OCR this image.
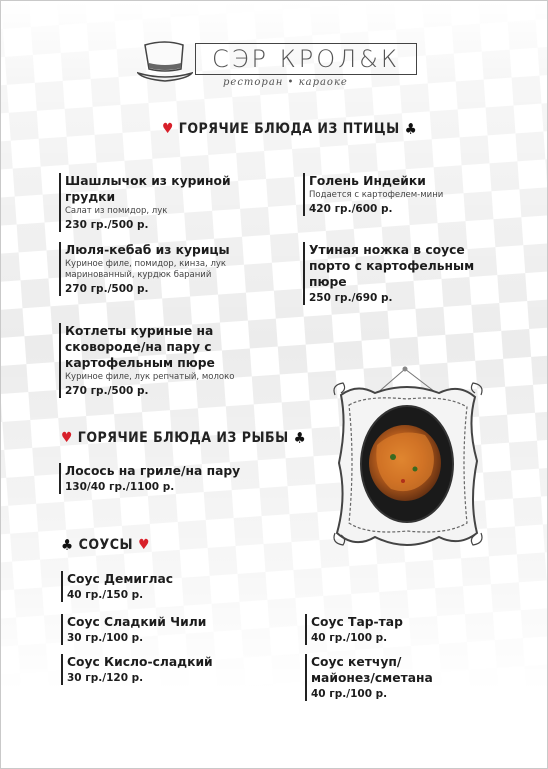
СЭР КРОЛ&К
ресторан • караоке
♥ ГОРЯЧИЕ БЛЮДА ИЗ ПТИЦЫ ♣
Шашлычок из куриной грудки
Салат из помидор, лук
230 гр./500 р.
Голень Индейки
Подается с картофелем-мини
420 гр./600 р.
Люля-кебаб из курицы
Куриное филе, помидор, кинза, лук маринованный, курдюк бараний
270 гр./500 р.
Утиная ножка в соусе порто с картофельным пюре
250 гр./690 р.
Котлеты куриные на сковороде/на пару с картофельным пюре
Куриное филе, лук репчатый, молоко
270 гр./500 р.
♥ ГОРЯЧИЕ БЛЮДА ИЗ РЫБЫ ♣
Лосось на гриле/на пару
130/40 гр./1100 р.
♣ СОУСЫ ♥
Соус Демиглас
40 гр./150 р.
Соус Сладкий Чили
30 гр./100 р.
Соус Тар-тар
40 гр./100 р.
Соус Кисло-сладкий
30 гр./120 р.
Соус кетчуп/ майонез/сметана
40 гр./100 р.
